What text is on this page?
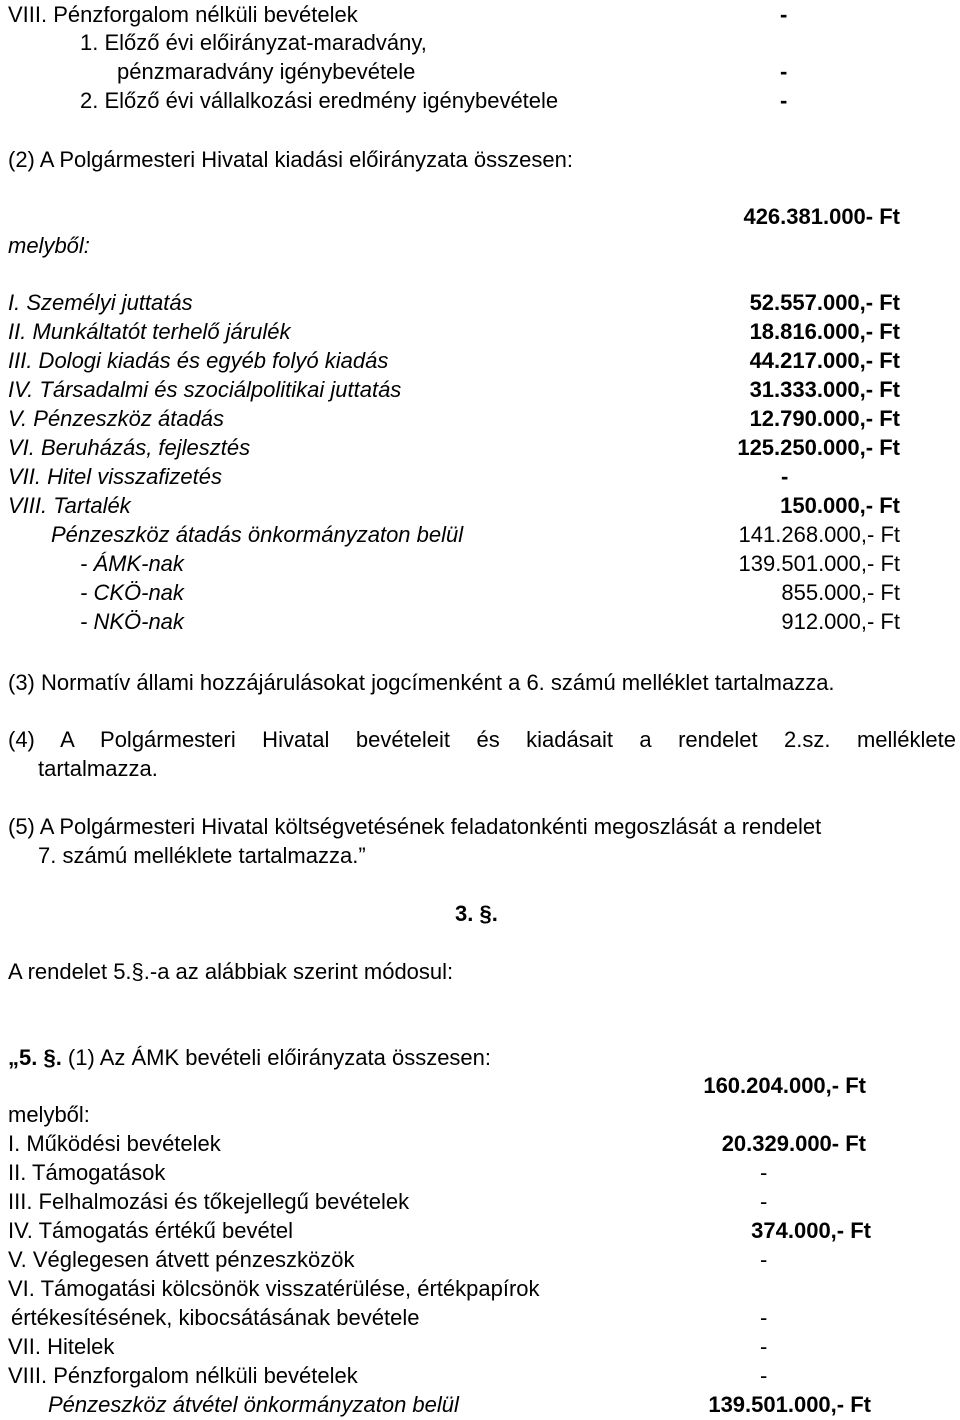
VIII. Pénzforgalom nélküli bevételek	-
1. Előző évi előirányzat-maradvány,
pénzmaradvány igénybevétele	-
2. Előző évi vállalkozási eredmény igénybevétele	-
(2) A Polgármesteri Hivatal kiadási előirányzata összesen:
426.381.000- Ft
melyből:
I. Személyi juttatás	52.557.000,- Ft
II. Munkáltatót terhelő járulék	18.816.000,- Ft
III. Dologi kiadás és egyéb folyó kiadás	44.217.000,- Ft
IV. Társadalmi és szociálpolitikai juttatás	31.333.000,- Ft
V. Pénzeszköz átadás	12.790.000,- Ft
VI. Beruházás, fejlesztés	125.250.000,- Ft
VII. Hitel visszafizetés	-
VIII. Tartalék	150.000,- Ft
Pénzeszköz átadás önkormányzaton belül	141.268.000,- Ft
- ÁMK-nak	139.501.000,- Ft
- CKÖ-nak	855.000,- Ft
- NKÖ-nak	912.000,- Ft
(3) Normatív állami hozzájárulásokat jogcímenként a 6. számú melléklet tartalmazza.
(4) A Polgármesteri Hivatal bevételeit és kiadásait a rendelet 2.sz. melléklete
tartalmazza.
(5) A Polgármesteri Hivatal költségvetésének feladatonkénti megoszlását a rendelet
7. számú melléklete tartalmazza.”
3. §.
A rendelet 5.§.-a az alábbiak szerint módosul:
„5. §. (1) Az ÁMK bevételi előirányzata összesen:
160.204.000,- Ft
melyből:
I. Működési bevételek	20.329.000- Ft
II. Támogatások	-
III. Felhalmozási és tőkejellegű bevételek	-
IV. Támogatás értékű bevétel	374.000,- Ft
V. Véglegesen átvett pénzeszközök	-
VI. Támogatási kölcsönök visszatérülése, értékpapírok
értékesítésének, kibocsátásának bevétele	-
VII. Hitelek	-
VIII. Pénzforgalom nélküli bevételek	-
Pénzeszköz átvétel önkormányzaton belül	139.501.000,- Ft
